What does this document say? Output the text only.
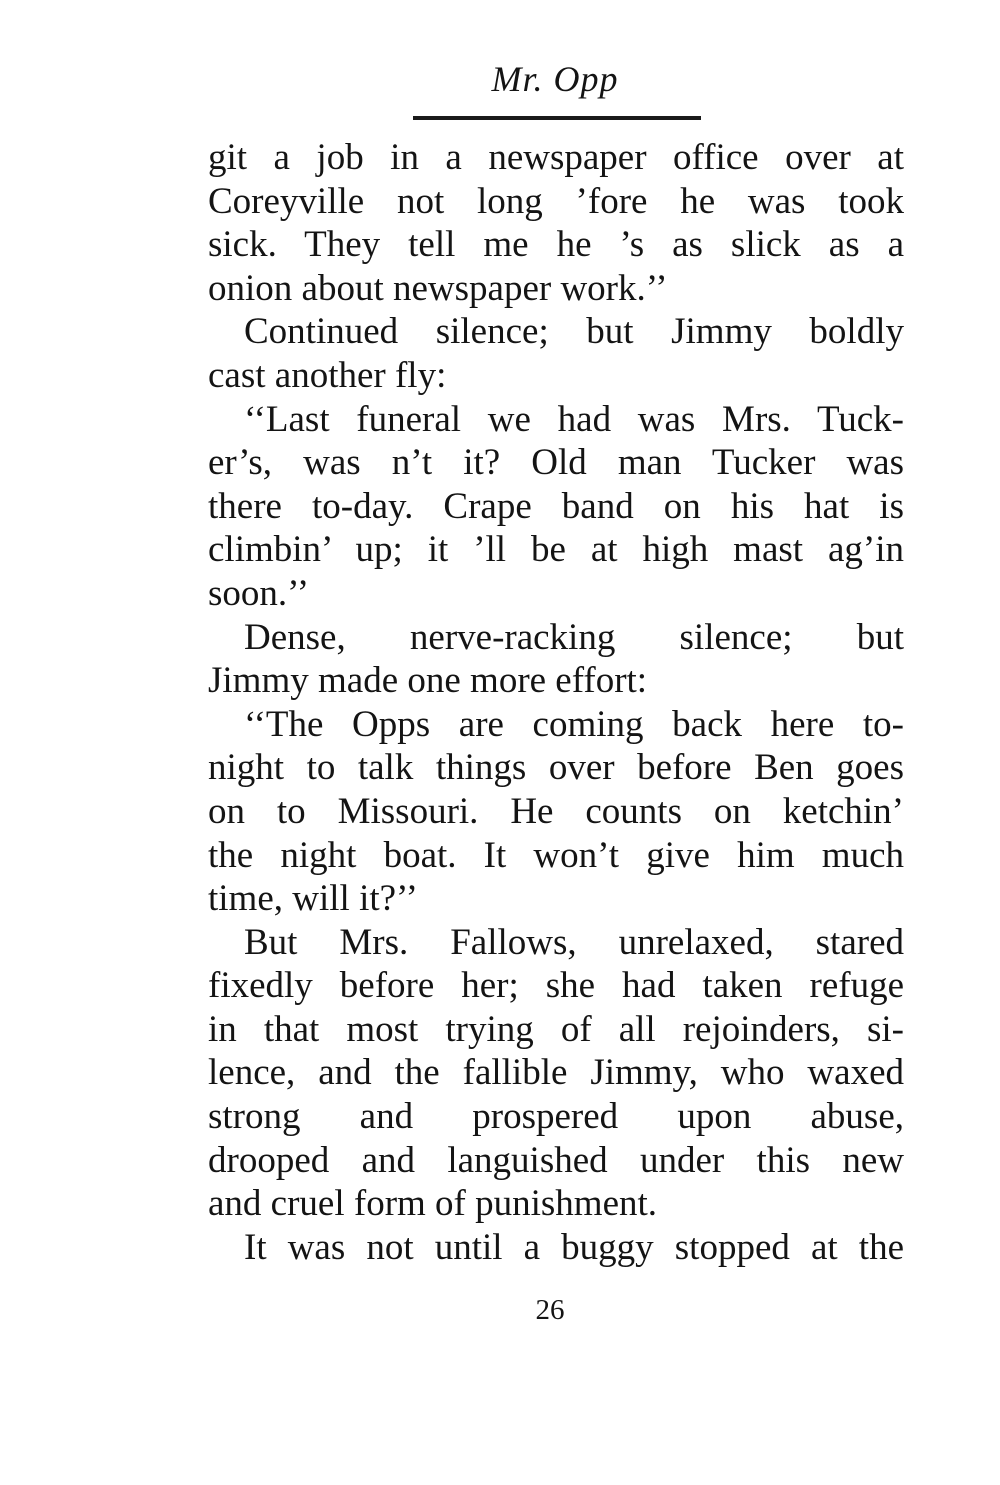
Mr. Opp
git a job in a newspaper office over at
Coreyville not long ’fore he was took
sick. They tell me he ’s as slick as a
onion about newspaper work.’’
Continued silence; but Jimmy boldly
cast another fly:
‘‘Last funeral we had was Mrs. Tuck-
er’s, was n’t it? Old man Tucker was
there to-day. Crape band on his hat is
climbin’ up; it ’ll be at high mast ag’in
soon.’’
Dense, nerve-racking silence; but
Jimmy made one more effort:
‘‘The Opps are coming back here to-
night to talk things over before Ben goes
on to Missouri. He counts on ketchin’
the night boat. It won’t give him much
time, will it?’’
But Mrs. Fallows, unrelaxed, stared
fixedly before her; she had taken refuge
in that most trying of all rejoinders, si-
lence, and the fallible Jimmy, who waxed
strong and prospered upon abuse,
drooped and languished under this new
and cruel form of punishment.
It was not until a buggy stopped at the
26
